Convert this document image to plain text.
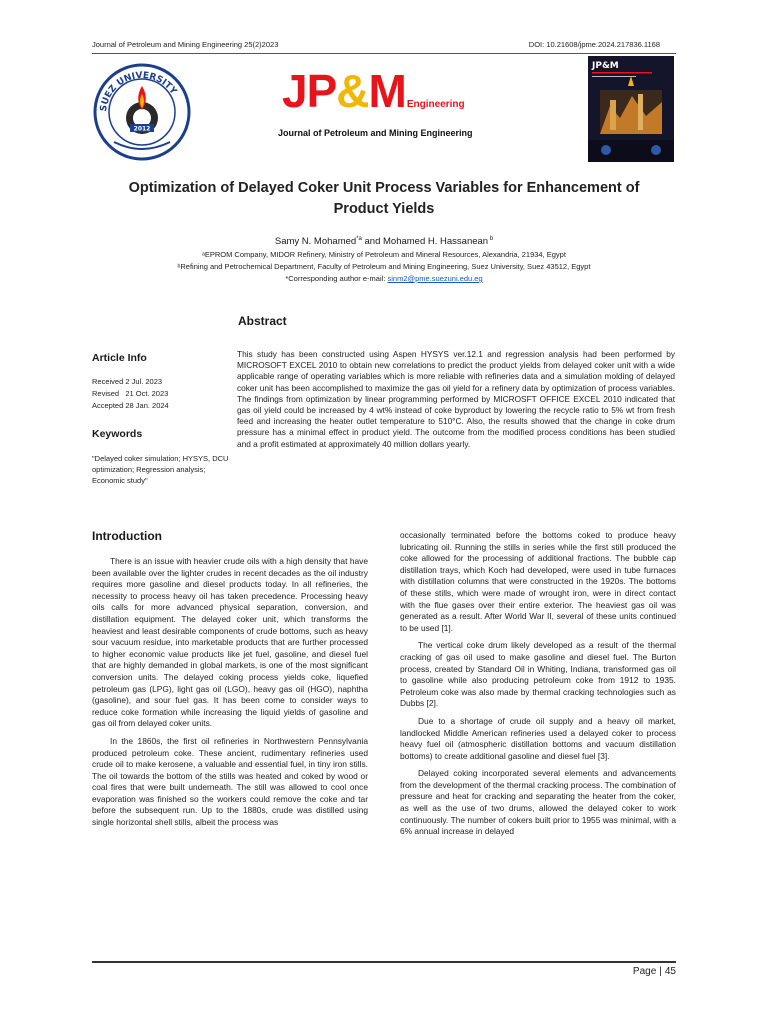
Journal of Petroleum and Mining Engineering 25(2)2023	DOI: 10.21608/jpme.2024.217836.1168
SUEZ UNIVERSITY
2012
JP&MEngineering
Journal of Petroleum and Mining Engineering
JP&M
Optimization of Delayed Coker Unit Process Variables for Enhancement of
Product Yields
Samy N. Mohamed$^{*a}$ and Mohamed H. Hassanean $^b$
ᵃEPROM Company, MIDOR Refinery, Ministry of Petroleum and Mineral Resources, Alexandria, 21934, Egypt
ᵇRefining and Petrochemical Department, Faculty of Petroleum and Mining Engineering, Suez University, Suez 43512, Egypt
*Corresponding author e-mail: sinm2@pme.suezuni.edu.eg
Abstract
Article Info
Received 2 Jul. 2023
Revised   21 Oct. 2023
Accepted 28 Jan. 2024
Keywords
"Delayed coker simulation; HYSYS, DCU optimization; Regression analysis; Economic study"
This study has been constructed using Aspen HYSYS ver.12.1 and regression analysis had been performed by MICROSOFT EXCEL 2010 to obtain new correlations to predict the product yields from delayed coker unit with a wide applicable range of operating variables which is more reliable with refineries data and a simulation molding of delayed coker unit has been accomplished to maximize the gas oil yield for a refinery data by optimization of process variables. The findings from optimization by linear programming performed by MICROSFT OFFICE EXCEL 2010 indicated that gas oil yield could be increased by 4 wt% instead of coke byproduct by lowering the recycle ratio to 5% wt from fresh feed and increasing the heater outlet temperature to 510°C. Also, the results showed that the change in coke drum pressure has a minimal effect in product yield. The outcome from the modified process conditions has been studied and a profit estimated at approximately 40 million dollars yearly.
Introduction

There is an issue with heavier crude oils with a high density that have been available over the lighter crudes in recent decades as the oil industry requires more gasoline and diesel products today. In all refineries, the necessity to process heavy oil has taken precedence. Processing heavy oils calls for more advanced physical separation, conversion, and distillation equipment. The delayed coker unit, which transforms the heaviest and least desirable components of crude bottoms, such as heavy sour vacuum residue, into marketable products that are further processed to higher economic value products like jet fuel, gasoline, and diesel fuel that are highly demanded in global markets, is one of the most significant conversion units. The delayed coking process yields coke, liquefied petroleum gas (LPG), light gas oil (LGO), heavy gas oil (HGO), naphtha (gasoline), and sour fuel gas. It has been come to consider ways to reduce coke formation while increasing the liquid yields of gasoline and gas oil from delayed coker units.

In the 1860s, the first oil refineries in Northwestern Pennsylvania produced petroleum coke. These ancient, rudimentary refineries used crude oil to make kerosene, a valuable and essential fuel, in tiny iron stills. The oil towards the bottom of the stills was heated and coked by wood or coal fires that were built underneath. The still was allowed to cool once evaporation was finished so the workers could remove the coke and tar before the subsequent run. Up to the 1880s, crude was distilled using single horizontal shell stills, albeit the process was

occasionally terminated before the bottoms coked to produce heavy lubricating oil. Running the stills in series while the first still produced the coke allowed for the processing of additional fractions. The bubble cap distillation trays, which Koch had developed, were used in tube furnaces with distillation columns that were constructed in the 1920s. The bottoms of these stills, which were made of wrought iron, were in direct contact with the flue gases over their entire exterior. The heaviest gas oil was generated as a result. After World War II, several of these units continued to be used [1].

The vertical coke drum likely developed as a result of the thermal cracking of gas oil used to make gasoline and diesel fuel. The Burton process, created by Standard Oil in Whiting, Indiana, transformed gas oil to gasoline while also producing petroleum coke from 1912 to 1935. Petroleum coke was also made by thermal cracking technologies such as Dubbs [2].

Due to a shortage of crude oil supply and a heavy oil market, landlocked Middle American refineries used a delayed coker to process heavy fuel oil (atmospheric distillation bottoms and vacuum distillation bottoms) to create additional gasoline and diesel fuel [3].

Delayed coking incorporated several elements and advancements from the development of the thermal cracking process. The combination of pressure and heat for cracking and separating the heater from the coker, as well as the use of two drums, allowed the delayed coker to work continuously. The number of cokers built prior to 1955 was minimal, with a 6% annual increase in delayed

Page | 45
